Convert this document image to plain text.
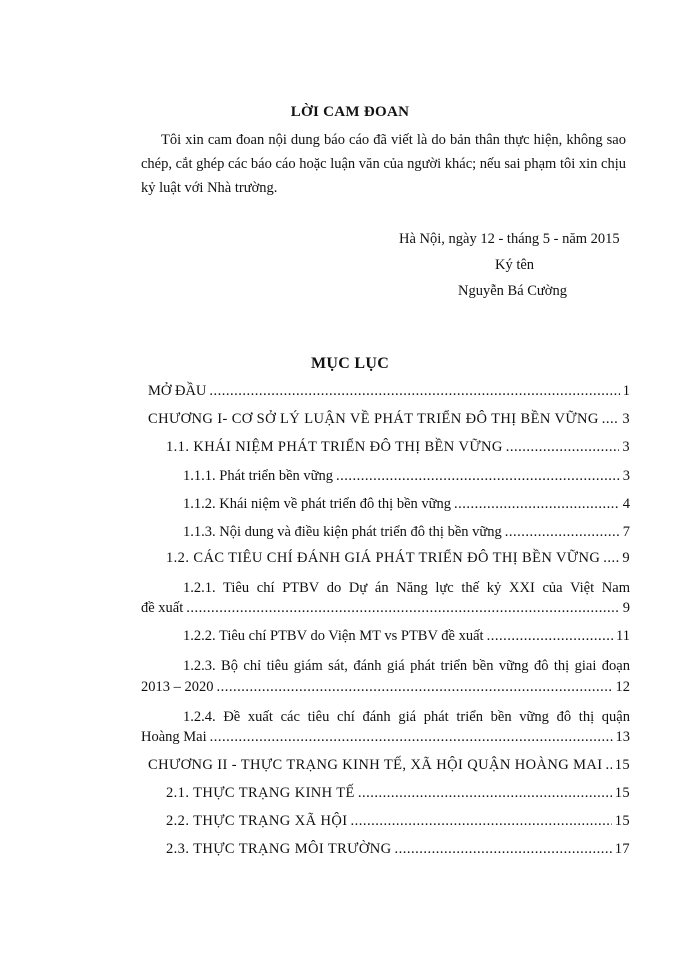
LỜI CAM ĐOAN
Tôi xin cam đoan nội dung báo cáo đã viết là do bản thân thực hiện, không sao chép, cắt ghép các báo cáo hoặc luận văn của người khác; nếu sai phạm tôi xin chịu kỷ luật với Nhà trường.
Hà Nội, ngày 12 - tháng 5 - năm 2015
Ký tên
Nguyễn Bá Cường
MỤC LỤC
MỞ ĐẦU .....	1
CHƯƠNG I- CƠ SỞ LÝ LUẬN VỀ PHÁT TRIỂN ĐÔ THỊ BỀN VỮNG ..... 3
1.1. KHÁI NIỆM PHÁT TRIỂN ĐÔ THỊ BỀN VỮNG .....	3
1.1.1. Phát triển bền vững .....	3
1.1.2. Khái niệm về phát triển đô thị bền vững .....	4
1.1.3. Nội dung và điều kiện phát triển đô thị bền vững .....	7
1.2. CÁC TIÊU CHÍ ĐÁNH GIÁ PHÁT TRIỂN ĐÔ THỊ BỀN VỮNG ..... 9
1.2.1. Tiêu chí PTBV do Dự án Năng lực thế kỷ XXI của Việt Nam
đề xuất .....	9
1.2.2. Tiêu chí PTBV do Viện MT vs PTBV đề xuất .....	11
1.2.3. Bộ chỉ tiêu giám sát, đánh giá phát triển bền vững đô thị giai đoạn
2013 – 2020 .....	12
1.2.4. Đề xuất các tiêu chí đánh giá phát triển bền vững đô thị quận
Hoàng Mai .....	13
CHƯƠNG II - THỰC TRẠNG KINH TẾ, XÃ HỘI QUẬN HOÀNG MAI ..... 15
2.1. THỰC TRẠNG KINH TẾ .....	15
2.2. THỰC TRẠNG XÃ HỘI .....	15
2.3. THỰC TRẠNG MÔI TRƯỜNG .....	17
